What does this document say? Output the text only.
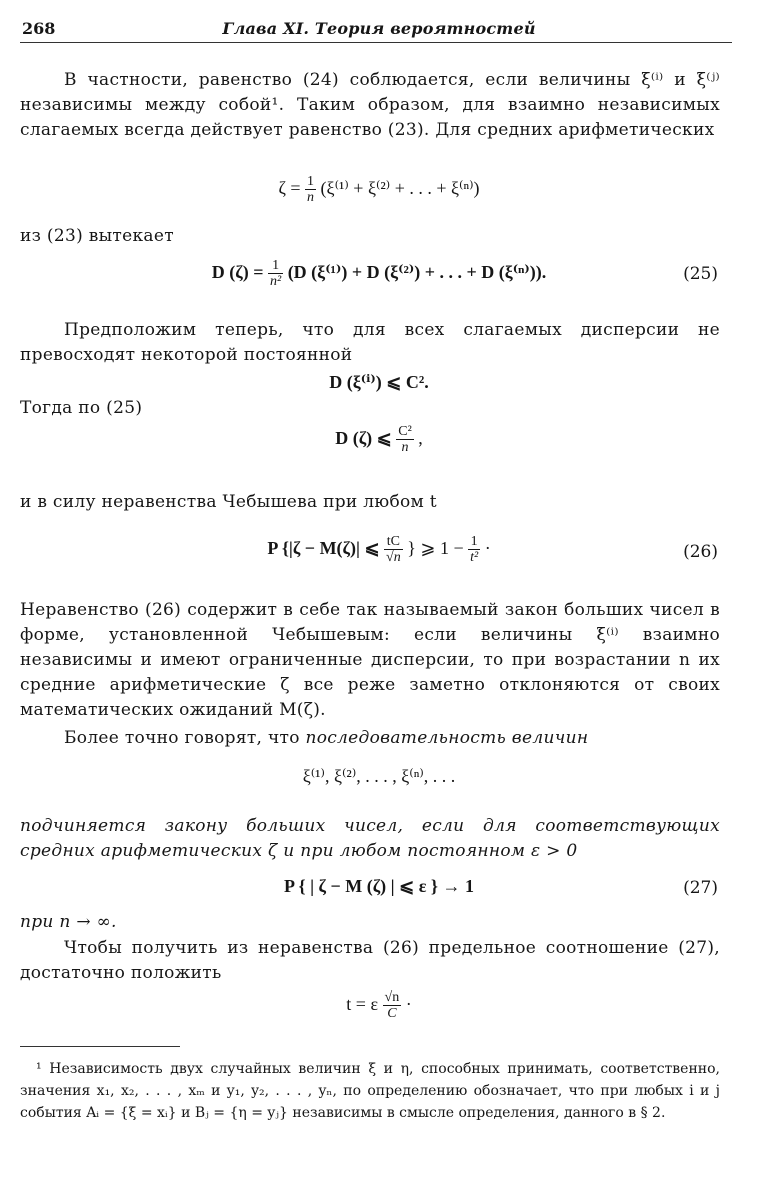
268	Глава XI. Теория вероятностей
В частности, равенство (24) соблюдается, если величины ξ⁽ⁱ⁾ и ξ⁽ʲ⁾ независимы между собой¹. Таким образом, для взаимно независимых слагаемых всегда действует равенство (23). Для средних арифметических
$\zeta = \frac{1}{n} (\xi^{(1)} + \xi^{(2)}$ + . . . + ξ⁽ⁿ⁾)
из (23) вытекает
D $(\zeta) = \frac{1}{\text{n²}} (D$ (ξ⁽¹⁾) + D (ξ⁽²⁾) + . . . + D (ξ⁽ⁿ⁾)).	(25)
Предположим теперь, что для всех слагаемых дисперсии не превосходят некоторой постоянной
D (ξ⁽ⁱ⁾) ⩽ C².
Тогда по (25)
D (ζ) ⩽ $\frac{\text{C²}}{n}$ ,
и в силу неравенства Чебышева при любом t
P {|ζ − M(ζ)| ⩽ $\frac{tC}{√n}$ } ⩾ $1 - \frac{1}{\text{t²}}$ ·	(26)
Неравенство (26) содержит в себе так называемый закон больших чисел в форме, установленной Чебышевым: если величины ξ⁽ⁱ⁾ взаимно независимы и имеют ограниченные дисперсии, то при возрастании n их средние арифметические ζ все реже заметно отклоняются от своих математических ожиданий M(ζ).
Более точно говорят, что последовательность величин
ξ⁽¹⁾, ξ⁽²⁾, . . . , ξ⁽ⁿ⁾, . . .
подчиняется закону больших чисел, если для соответствующих средних арифметических ζ и при любом постоянном ε > 0
P { | ζ − M (ζ) | ⩽ ε } → 1	(27)
при n → ∞.
Чтобы получить из неравенства (26) предельное соотношение (27), достаточно положить
t = ε $\frac{√n}{C}$ ·
¹ Независимость двух случайных величин ξ и η, способных принимать, соответственно, значения x₁, x₂, . . . , xₘ и y₁, y₂, . . . , yₙ, по определению обозначает, что при любых i и j события Aᵢ = {ξ = xᵢ} и Bⱼ = {η = yⱼ} независимы в смысле определения, данного в § 2.
